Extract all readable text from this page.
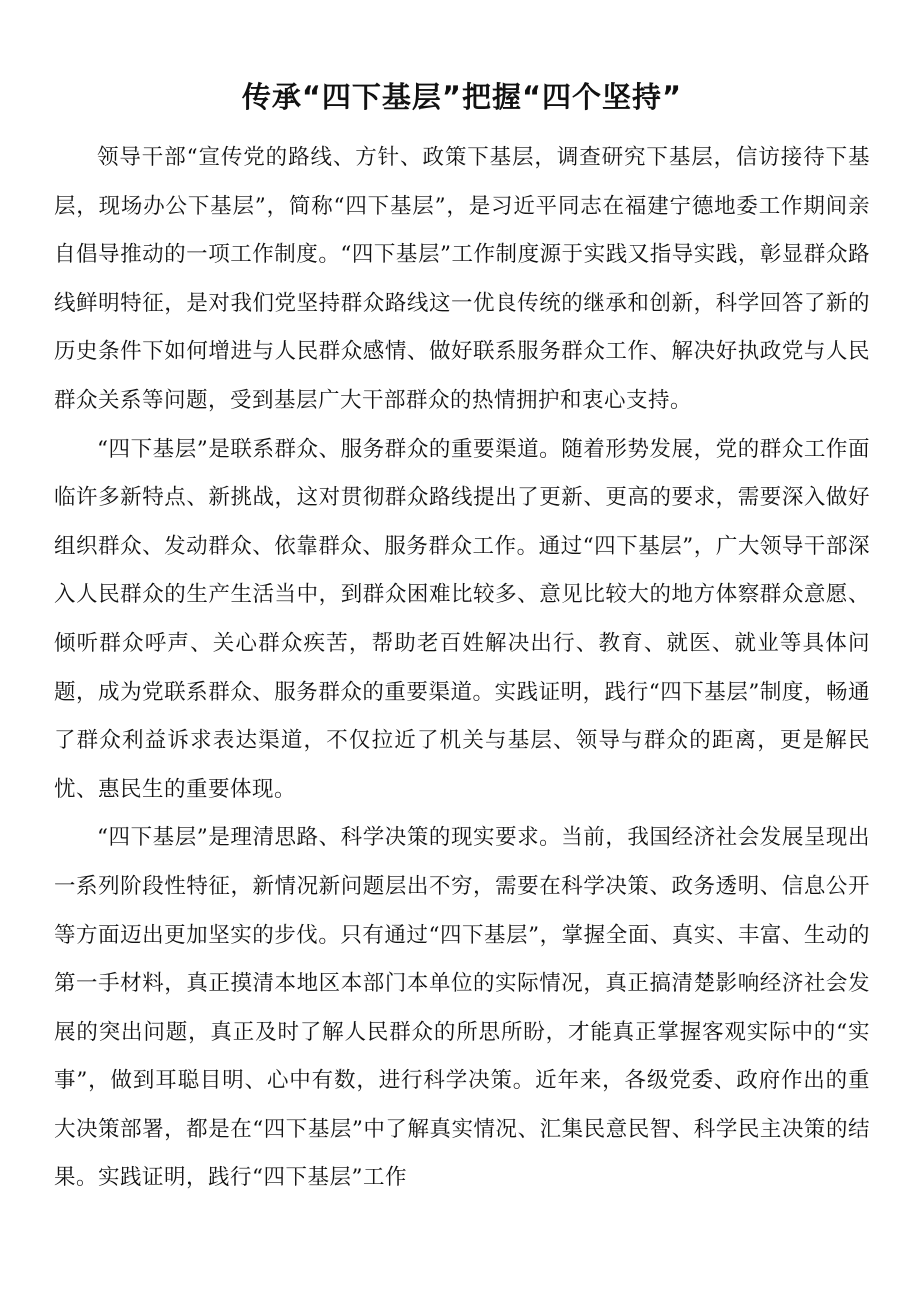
传承“四下基层”把握“四个坚持”

领导干部“宣传党的路线、方针、政策下基层，调查研究下基层，信访接待下基层，现场办公下基层”，简称“四下基层”，是习近平同志在福建宁德地委工作期间亲自倡导推动的一项工作制度。“四下基层”工作制度源于实践又指导实践，彰显群众路线鲜明特征，是对我们党坚持群众路线这一优良传统的继承和创新，科学回答了新的历史条件下如何增进与人民群众感情、做好联系服务群众工作、解决好执政党与人民群众关系等问题，受到基层广大干部群众的热情拥护和衷心支持。

“四下基层”是联系群众、服务群众的重要渠道。随着形势发展，党的群众工作面临许多新特点、新挑战，这对贯彻群众路线提出了更新、更高的要求，需要深入做好组织群众、发动群众、依靠群众、服务群众工作。通过“四下基层”，广大领导干部深入人民群众的生产生活当中，到群众困难比较多、意见比较大的地方体察群众意愿、倾听群众呼声、关心群众疾苦，帮助老百姓解决出行、教育、就医、就业等具体问题，成为党联系群众、服务群众的重要渠道。实践证明，践行“四下基层”制度，畅通了群众利益诉求表达渠道，不仅拉近了机关与基层、领导与群众的距离，更是解民忧、惠民生的重要体现。

“四下基层”是理清思路、科学决策的现实要求。当前，我国经济社会发展呈现出一系列阶段性特征，新情况新问题层出不穷，需要在科学决策、政务透明、信息公开等方面迈出更加坚实的步伐。只有通过“四下基层”，掌握全面、真实、丰富、生动的第一手材料，真正摸清本地区本部门本单位的实际情况，真正搞清楚影响经济社会发展的突出问题，真正及时了解人民群众的所思所盼，才能真正掌握客观实际中的“实事”，做到耳聪目明、心中有数，进行科学决策。近年来，各级党委、政府作出的重大决策部署，都是在“四下基层”中了解真实情况、汇集民意民智、科学民主决策的结果。实践证明，践行“四下基层”工作
